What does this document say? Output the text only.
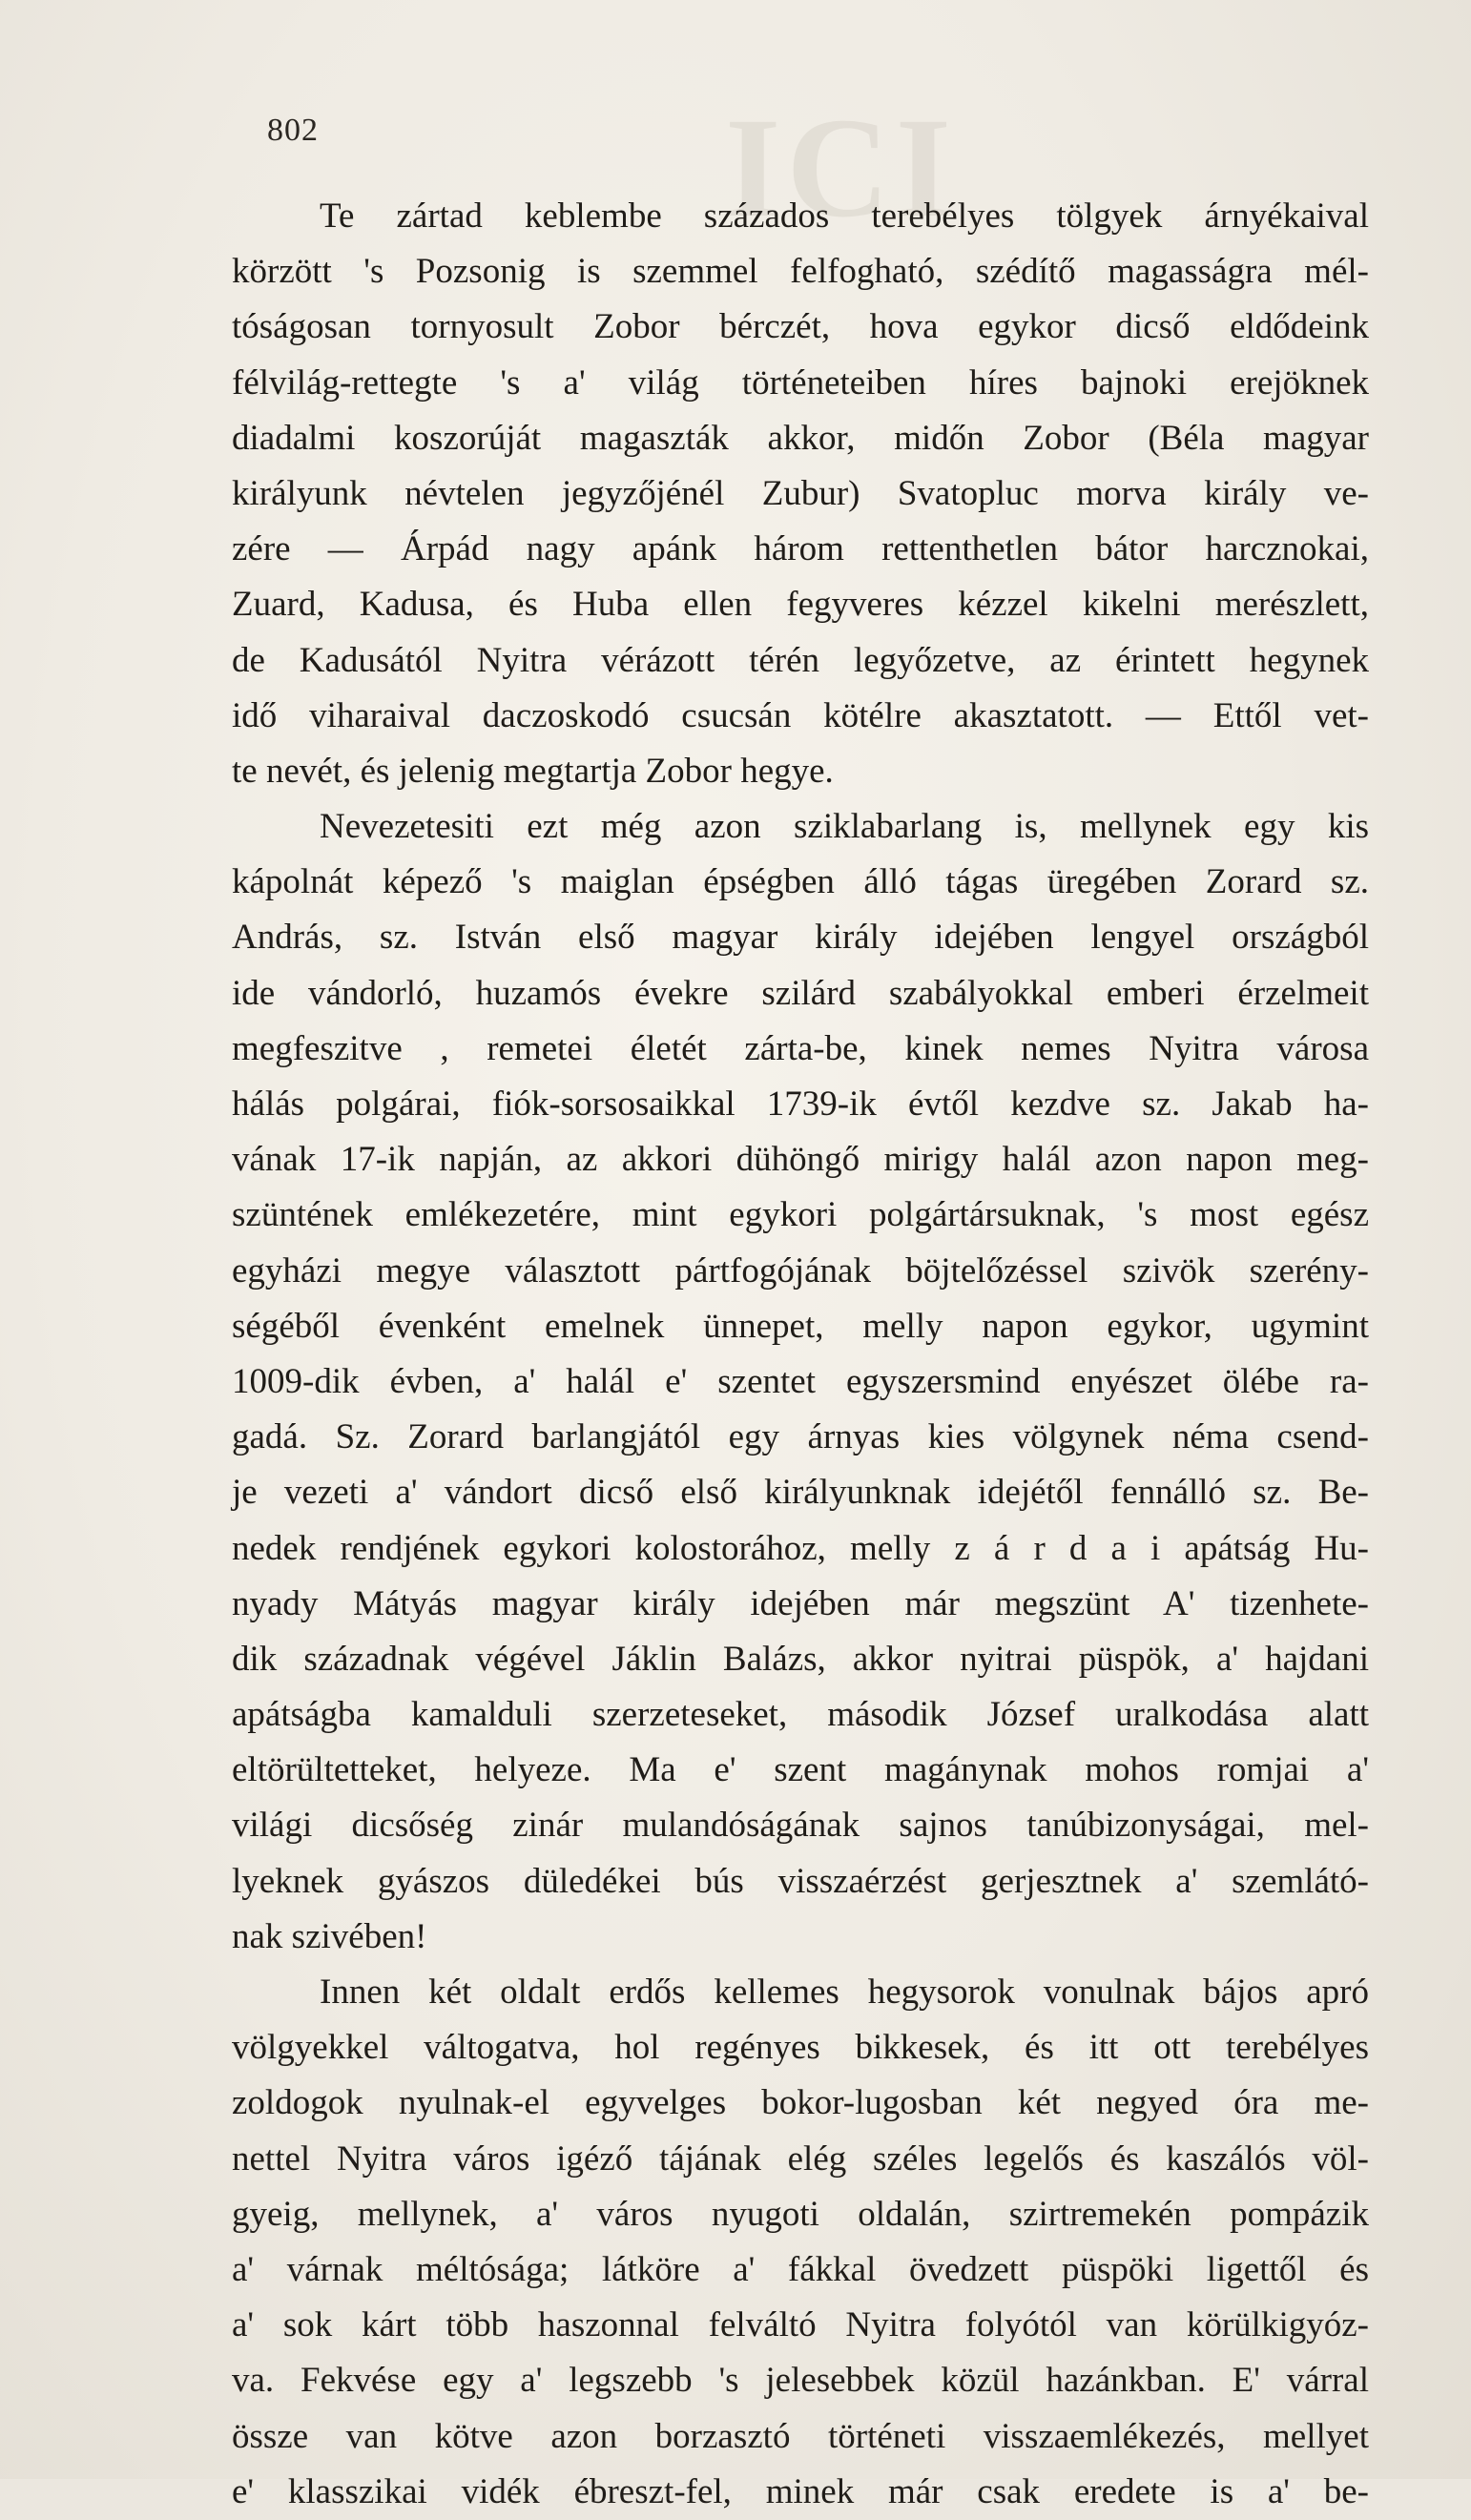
ICI
802
Te zártad keblembe százados terebélyes tölgyek árnyékaival
körzött 's Pozsonig is szemmel felfogható, szédítő magasságra mél-
tóságosan tornyosult Zobor bérczét, hova egykor dicső eldődeink
félvilág-rettegte 's a' világ történeteiben híres bajnoki erejöknek
diadalmi koszorúját magaszták akkor, midőn Zobor (Béla magyar
királyunk névtelen jegyzőjénél Zubur) Svatopluc morva király ve-
zére — Árpád nagy apánk három rettenthetlen bátor harcznokai,
Zuard, Kadusa, és Huba ellen fegyveres kézzel kikelni merészlett,
de Kadusától Nyitra vérázott térén legyőzetve, az érintett hegynek
idő viharaival daczoskodó csucsán kötélre akasztatott. — Ettől vet-
te nevét, és jelenig megtartja Zobor hegye.
Nevezetesiti ezt még azon sziklabarlang is, mellynek egy kis
kápolnát képező 's maiglan épségben álló tágas üregében Zorard sz.
András, sz. István első magyar király idejében lengyel országból
ide vándorló, huzamós évekre szilárd szabályokkal emberi érzelmeit
megfeszitve , remetei életét zárta-be, kinek nemes Nyitra városa
hálás polgárai, fiók-sorsosaikkal 1739-ik évtől kezdve sz. Jakab ha-
vának 17-ik napján, az akkori dühöngő mirigy halál azon napon meg-
szüntének emlékezetére, mint egykori polgártársuknak, 's most egész
egyházi megye választott pártfogójának böjtelőzéssel szivök szerény-
ségéből évenként emelnek ünnepet, melly napon egykor, ugymint
1009-dik évben, a' halál e' szentet egyszersmind enyészet ölébe ra-
gadá. Sz. Zorard barlangjától egy árnyas kies völgynek néma csend-
je vezeti a' vándort dicső első királyunknak idejétől fennálló sz. Be-
nedek rendjének egykori kolostorához, melly z á r d a i apátság Hu-
nyady Mátyás magyar király idejében már megszünt A' tizenhete-
dik századnak végével Jáklin Balázs, akkor nyitrai püspök, a' hajdani
apátságba kamalduli szerzeteseket, második József uralkodása alatt
eltörültetteket, helyeze. Ma e' szent magánynak mohos romjai a'
világi dicsőség zinár mulandóságának sajnos tanúbizonyságai, mel-
lyeknek gyászos düledékei bús visszaérzést gerjesztnek a' szemlátó-
nak szivében!
Innen két oldalt erdős kellemes hegysorok vonulnak bájos apró
völgyekkel váltogatva, hol regényes bikkesek, és itt ott terebélyes
zoldogok nyulnak-el egyvelges bokor-lugosban két negyed óra me-
nettel Nyitra város igéző tájának elég széles legelős és kaszálós völ-
gyeig, mellynek, a' város nyugoti oldalán, szirtremekén pompázik
a' várnak méltósága; látköre a' fákkal övedzett püspöki ligettől és
a' sok kárt több haszonnal felváltó Nyitra folyótól van körülkigyóz-
va. Fekvése egy a' legszebb 's jelesebbek közül hazánkban. E' várral
össze van kötve azon borzasztó történeti visszaemlékezés, mellyet
e' klasszikai vidék ébreszt-fel, minek már csak eredete is a' be-
